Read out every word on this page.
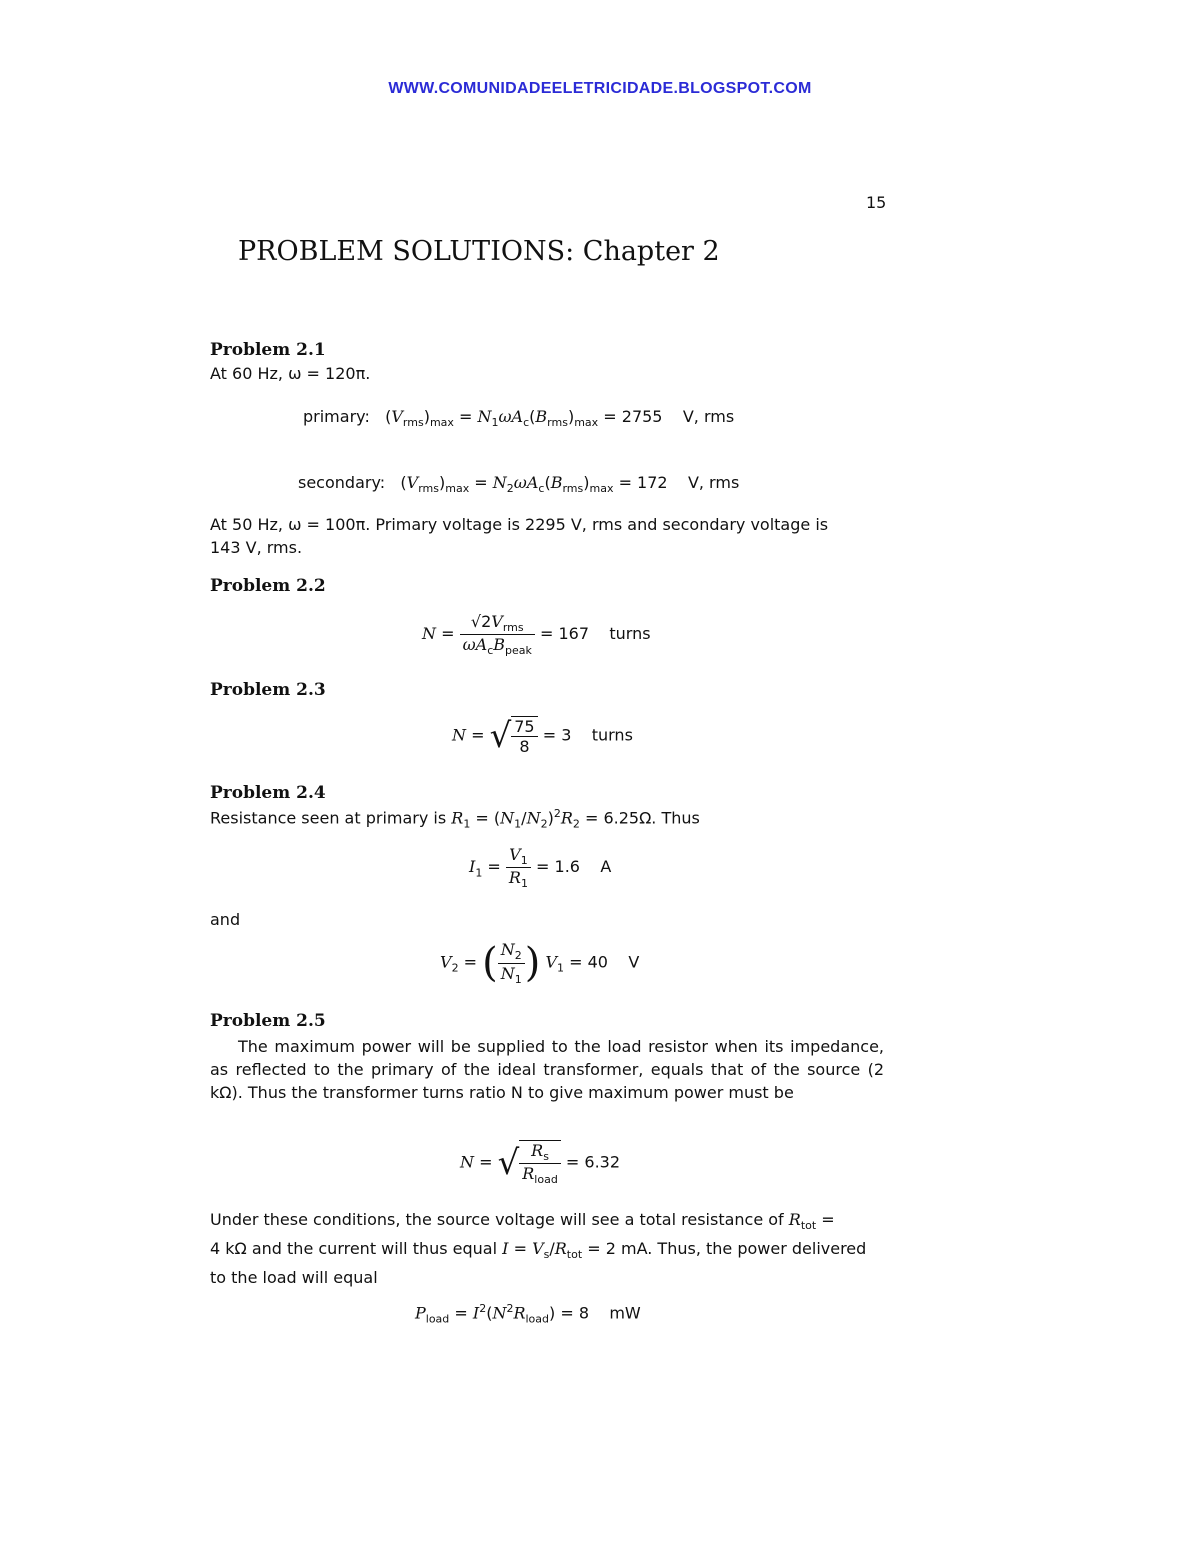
WWW.COMUNIDADEELETRICIDADE.BLOGSPOT.COM
15
PROBLEM SOLUTIONS: Chapter 2
Problem 2.1
At 60 Hz, ω = 120π.
primary:   $(V_{rms})_{max} = N_1\omega A_c(B_{rms})_{max} = 2755$ V, rms
secondary:   $(V_{rms})_{max} = N_2\omega A_c(B_{rms})_{max} = 172$ V, rms
At 50 Hz, ω = 100π. Primary voltage is 2295 V, rms and secondary voltage is
143 V, rms.
Problem 2.2
$N = \frac{√2V_{rms}}{\omega A_cB_{peak}} = 167$ turns
Problem 2.3
N = √ $\frac{75}{8} = 3$ turns
Problem 2.4
Resistance seen at primary is $R_1 = (N_1/N_2)^2R_2 = 6.25\Omega$. Thus
$I_1 = \frac{V_1}{R_1} = 1.6$ A
and
$V_2$ = ( $\frac{N_2}{N_1}$ ) $V_1 = 40$ V
Problem 2.5
The maximum power will be supplied to the load resistor when its impedance, as reflected to the primary of the ideal transformer, equals that of the source (2 kΩ). Thus the transformer turns ratio N to give maximum power must be
N = √ $\frac{R_s}{R_{load}} = 6.32$
Under these conditions, the source voltage will see a total resistance of $R_{tot}$ =
4 kΩ and the current will thus equal $I = V_s/R_{tot} = 2$ mA. Thus, the power delivered to the load will equal
$P_{load} = I^2(N^2R_{load}) = 8$ mW
